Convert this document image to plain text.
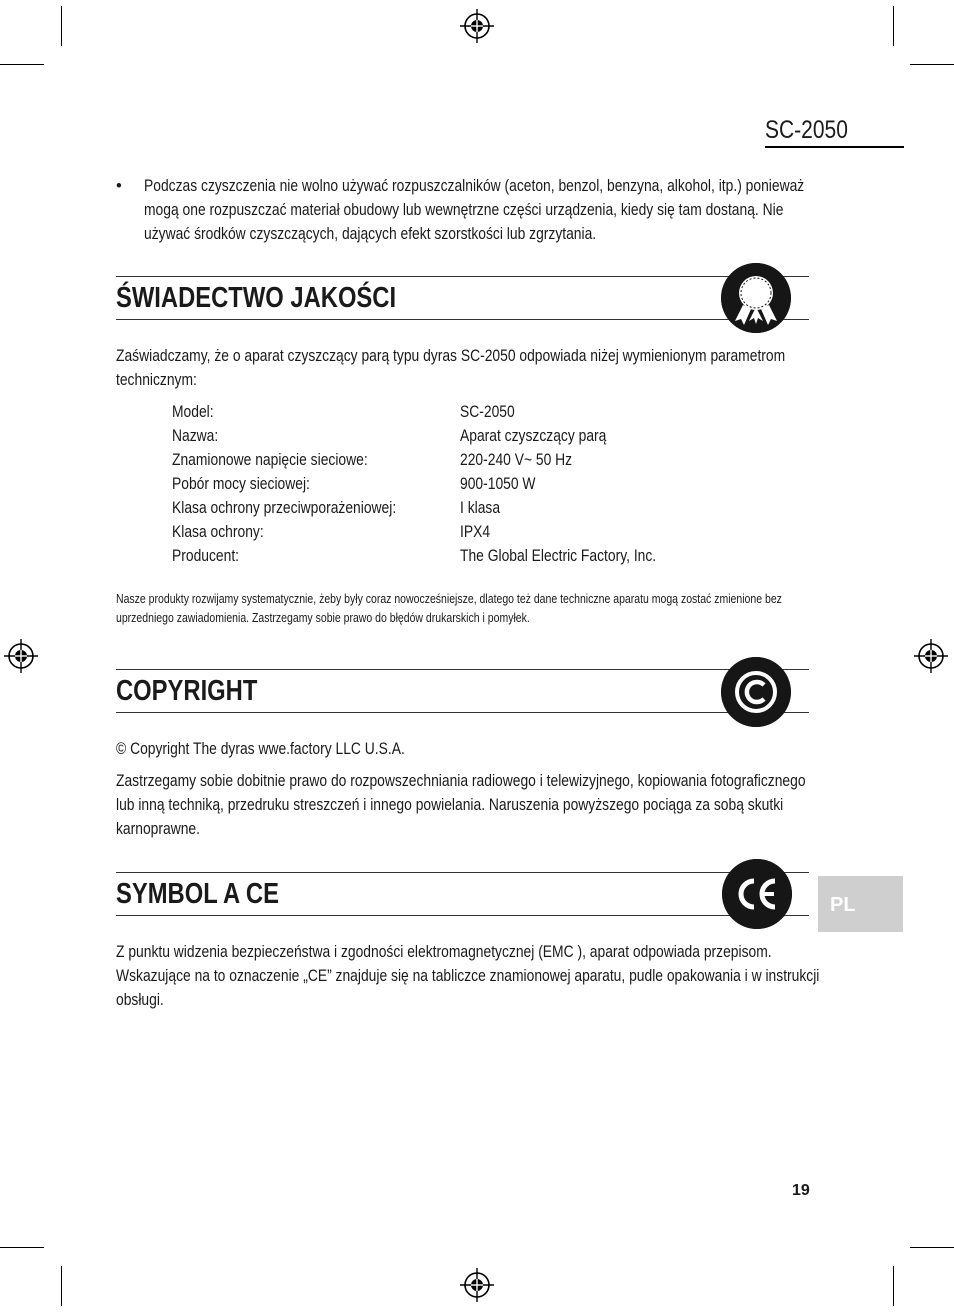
SC-2050
• Podczas czyszczenia nie wolno używać rozpuszczalników (aceton, benzol, benzyna, alkohol, itp.) ponieważ
mogą one rozpuszczać materiał obudowy lub wewnętrzne części urządzenia, kiedy się tam dostaną. Nie
używać środków czyszczących, dających efekt szorstkości lub zgrzytania.
ŚWIADECTWO JAKOŚCI
Zaświadczamy, że o aparat czyszczący parą typu dyras SC-2050 odpowiada niżej wymienionym parametrom
technicznym:
Model:
Nazwa:
Znamionowe napięcie sieciowe:
Pobór mocy sieciowej:
Klasa ochrony przeciwporażeniowej:
Klasa ochrony:
Producent:
SC-2050
Aparat czyszczący parą
220-240 V~ 50 Hz
900-1050 W
I klasa
IPX4
The Global Electric Factory, Inc.
Nasze produkty rozwijamy systematycznie, żeby były coraz nowocześniejsze, dlatego też dane techniczne aparatu mogą zostać zmienione bez
uprzedniego zawiadomienia. Zastrzegamy sobie prawo do błędów drukarskich i pomyłek.
COPYRIGHT
© Copyright The dyras wwe.factory LLC U.S.A.
Zastrzegamy sobie dobitnie prawo do rozpowszechniania radiowego i telewizyjnego, kopiowania fotograficznego
lub inną techniką, przedruku streszczeń i innego powielania. Naruszenia powyższego pociąga za sobą skutki
karnoprawne.
SYMBOL A CE
Z punktu widzenia bezpieczeństwa i zgodności elektromagnetycznej (EMC ), aparat odpowiada przepisom.
Wskazujące na to oznaczenie „CE” znajduje się na tabliczce znamionowej aparatu, pudle opakowania i w instrukcji
obsługi.
PL
19
